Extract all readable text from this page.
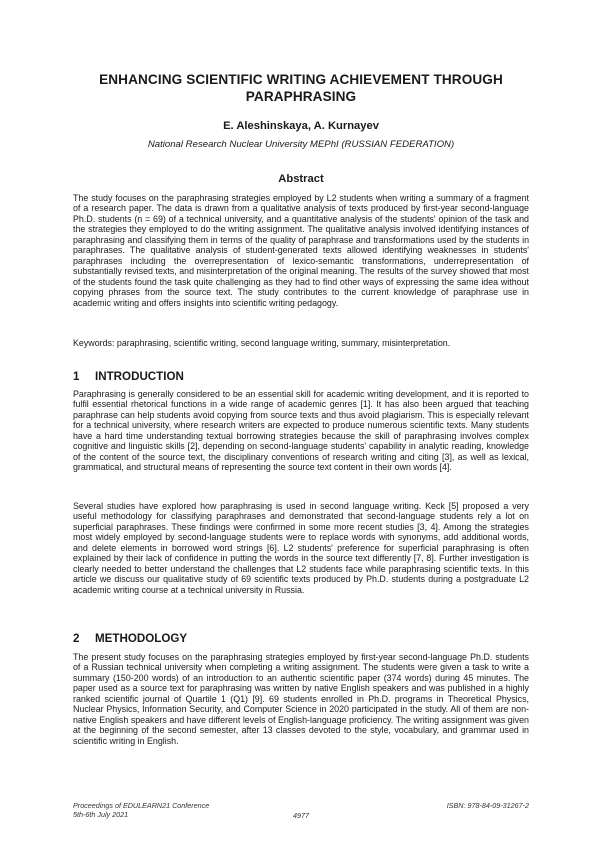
ENHANCING SCIENTIFIC WRITING ACHIEVEMENT THROUGH PARAPHRASING
E. Aleshinskaya, A. Kurnayev
National Research Nuclear University MEPhI (RUSSIAN FEDERATION)
Abstract

The study focuses on the paraphrasing strategies employed by L2 students when writing a summary of a fragment of a research paper. The data is drawn from a qualitative analysis of texts produced by first-year second-language Ph.D. students (n = 69) of a technical university, and a quantitative analysis of the students' opinion of the task and the strategies they employed to do the writing assignment. The qualitative analysis involved identifying instances of paraphrasing and classifying them in terms of the quality of paraphrase and transformations used by the students in paraphrases. The qualitative analysis of student-generated texts allowed identifying weaknesses in students' paraphrases including the overrepresentation of lexico-semantic transformations, underrepresentation of substantially revised texts, and misinterpretation of the original meaning. The results of the survey showed that most of the students found the task quite challenging as they had to find other ways of expressing the same idea without copying phrases from the source text. The study contributes to the current knowledge of paraphrase use in academic writing and offers insights into scientific writing pedagogy.

Keywords: paraphrasing, scientific writing, second language writing, summary, misinterpretation.

1 INTRODUCTION

Paraphrasing is generally considered to be an essential skill for academic writing development, and it is reported to fulfil essential rhetorical functions in a wide range of academic genres [1]. It has also been argued that teaching paraphrase can help students avoid copying from source texts and thus avoid plagiarism. This is especially relevant for a technical university, where research writers are expected to produce numerous scientific texts. Many students have a hard time understanding textual borrowing strategies because the skill of paraphrasing involves complex cognitive and linguistic skills [2], depending on second-language students' capability in analytic reading, knowledge of the content of the source text, the disciplinary conventions of research writing and citing [3], as well as lexical, grammatical, and structural means of representing the source text content in their own words [4].

Several studies have explored how paraphrasing is used in second language writing. Keck [5] proposed a very useful methodology for classifying paraphrases and demonstrated that second-language students rely a lot on superficial paraphrases. These findings were confirmed in some more recent studies [3, 4]. Among the strategies most widely employed by second-language students were to replace words with synonyms, add additional words, and delete elements in borrowed word strings [6]. L2 students' preference for superficial paraphrasing is often explained by their lack of confidence in putting the words in the source text differently [7, 8]. Further investigation is clearly needed to better understand the challenges that L2 students face while paraphrasing scientific texts. In this article we discuss our qualitative study of 69 scientific texts produced by Ph.D. students during a postgraduate L2 academic writing course at a technical university in Russia.

2 METHODOLOGY

The present study focuses on the paraphrasing strategies employed by first-year second-language Ph.D. students of a Russian technical university when completing a writing assignment. The students were given a task to write a summary (150-200 words) of an introduction to an authentic scientific paper (374 words) during 45 minutes. The paper used as a source text for paraphrasing was written by native English speakers and was published in a highly ranked scientific journal of Quartile 1 (Q1) [9]. 69 students enrolled in Ph.D. programs in Theoretical Physics, Nuclear Physics, Information Security, and Computer Science in 2020 participated in the study. All of them are non-native English speakers and have different levels of English-language proficiency. The writing assignment was given at the beginning of the second semester, after 13 classes devoted to the style, vocabulary, and grammar used in scientific writing in English.

Proceedings of EDULEARN21 Conference
5th-6th July 2021	4977
ISBN: 978-84-09-31267-2
